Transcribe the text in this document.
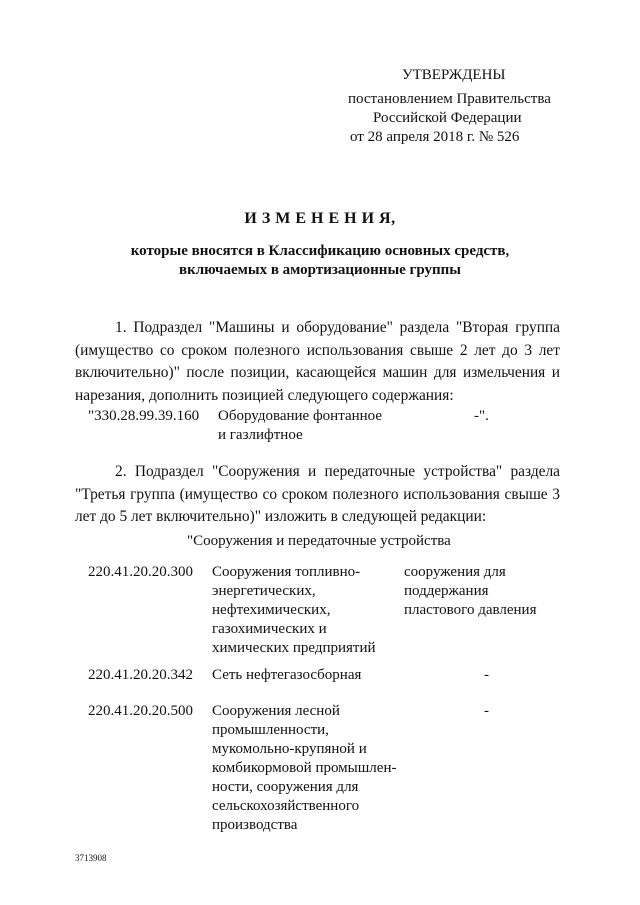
УТВЕРЖДЕНЫ
постановлением Правительства
Российской Федерации
от 28 апреля 2018 г. № 526
И З М Е Н Е Н И Я,
которые вносятся в Классификацию основных средств,
включаемых в амортизационные группы
1. Подраздел "Машины и оборудование" раздела "Вторая группа (имущество со сроком полезного использования свыше 2 лет до 3 лет включительно)" после позиции, касающейся машин для измельчения и нарезания, дополнить позицией следующего содержания:
"330.28.99.39.160 Оборудование фонтанное
и газлифтное
-".
2. Подраздел "Сооружения и передаточные устройства" раздела "Третья группа (имущество со сроком полезного использования свыше 3 лет до 5 лет включительно)" изложить в следующей редакции:
"Сооружения и передаточные устройства
220.41.20.20.300 Сооружения топливно-
энергетических,
нефтехимических,
газохимических и
химических предприятий
сооружения для
поддержания
пластового давления
220.41.20.20.342 Сеть нефтегазосборная	-
220.41.20.20.500 Сооружения лесной
промышленности,
мукомольно-крупяной и
комбикормовой промышлен-
ности, сооружения для
сельскохозяйственного
производства
-
3713908
